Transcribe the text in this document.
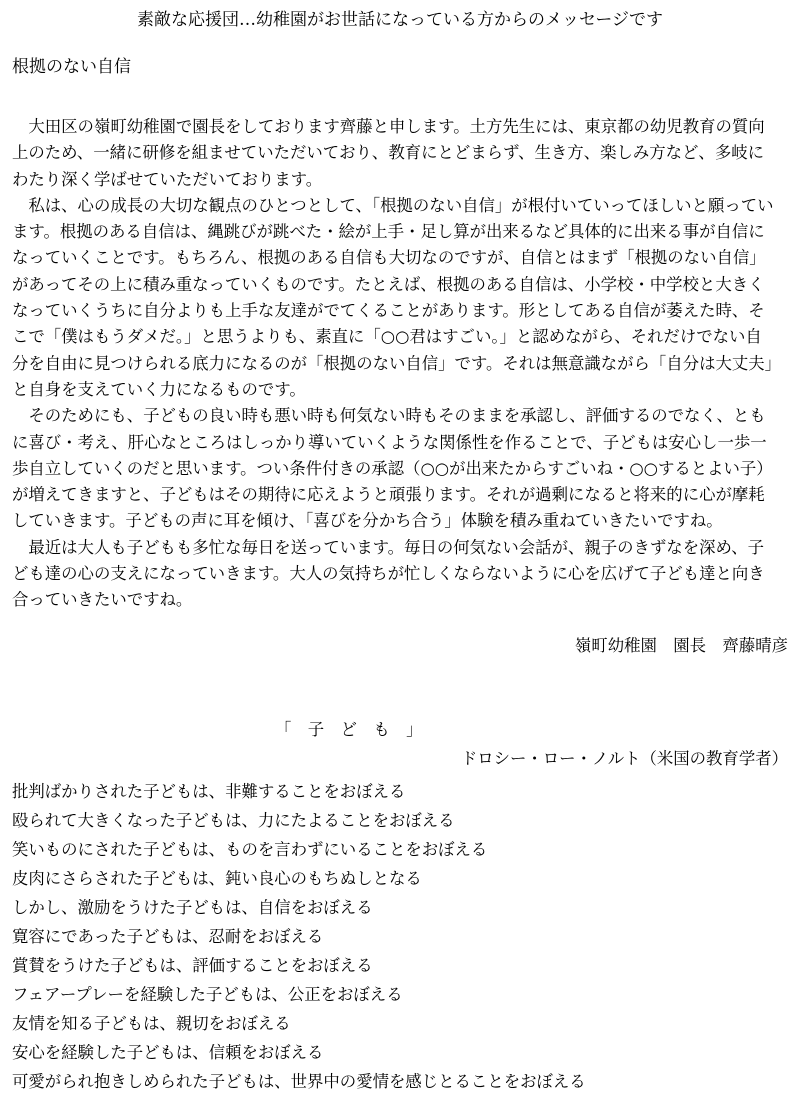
素敵な応援団…幼稚園がお世話になっている方からのメッセージです
根拠のない自信
大田区の嶺町幼稚園で園長をしております齊藤と申します。土方先生には、東京都の幼児教育の質向
上のため、一緒に研修を組ませていただいており、教育にとどまらず、生き方、楽しみ方など、多岐に
わたり深く学ばせていただいております。
私は、心の成長の大切な観点のひとつとして、「根拠のない自信」が根付いていってほしいと願ってい
ます。根拠のある自信は、縄跳びが跳べた・絵が上手・足し算が出来るなど具体的に出来る事が自信に
なっていくことです。もちろん、根拠のある自信も大切なのですが、自信とはまず「根拠のない自信」
があってその上に積み重なっていくものです。たとえば、根拠のある自信は、小学校・中学校と大きく
なっていくうちに自分よりも上手な友達がでてくることがあります。形としてある自信が萎えた時、そ
こで「僕はもうダメだ。」と思うよりも、素直に「○○君はすごい。」と認めながら、それだけでない自
分を自由に見つけられる底力になるのが「根拠のない自信」です。それは無意識ながら「自分は大丈夫」
と自身を支えていく力になるものです。
そのためにも、子どもの良い時も悪い時も何気ない時もそのままを承認し、評価するのでなく、とも
に喜び・考え、肝心なところはしっかり導いていくような関係性を作ることで、子どもは安心し一歩一
歩自立していくのだと思います。つい条件付きの承認（○○が出来たからすごいね・○○するとよい子）
が増えてきますと、子どもはその期待に応えようと頑張ります。それが過剰になると将来的に心が摩耗
していきます。子どもの声に耳を傾け、「喜びを分かち合う」体験を積み重ねていきたいですね。
最近は大人も子どもも多忙な毎日を送っています。毎日の何気ない会話が、親子のきずなを深め、子
ども達の心の支えになっていきます。大人の気持ちが忙しくならないように心を広げて子ども達と向き
合っていきたいですね。
嶺町幼稚園　園長　齊藤晴彦
「　子　ど　も　」
ドロシー・ロー・ノルト（米国の教育学者）
批判ばかりされた子どもは、非難することをおぼえる
殴られて大きくなった子どもは、力にたよることをおぼえる
笑いものにされた子どもは、ものを言わずにいることをおぼえる
皮肉にさらされた子どもは、鈍い良心のもちぬしとなる
しかし、激励をうけた子どもは、自信をおぼえる
寛容にであった子どもは、忍耐をおぼえる
賞賛をうけた子どもは、評価することをおぼえる
フェアープレーを経験した子どもは、公正をおぼえる
友情を知る子どもは、親切をおぼえる
安心を経験した子どもは、信頼をおぼえる
可愛がられ抱きしめられた子どもは、世界中の愛情を感じとることをおぼえる
